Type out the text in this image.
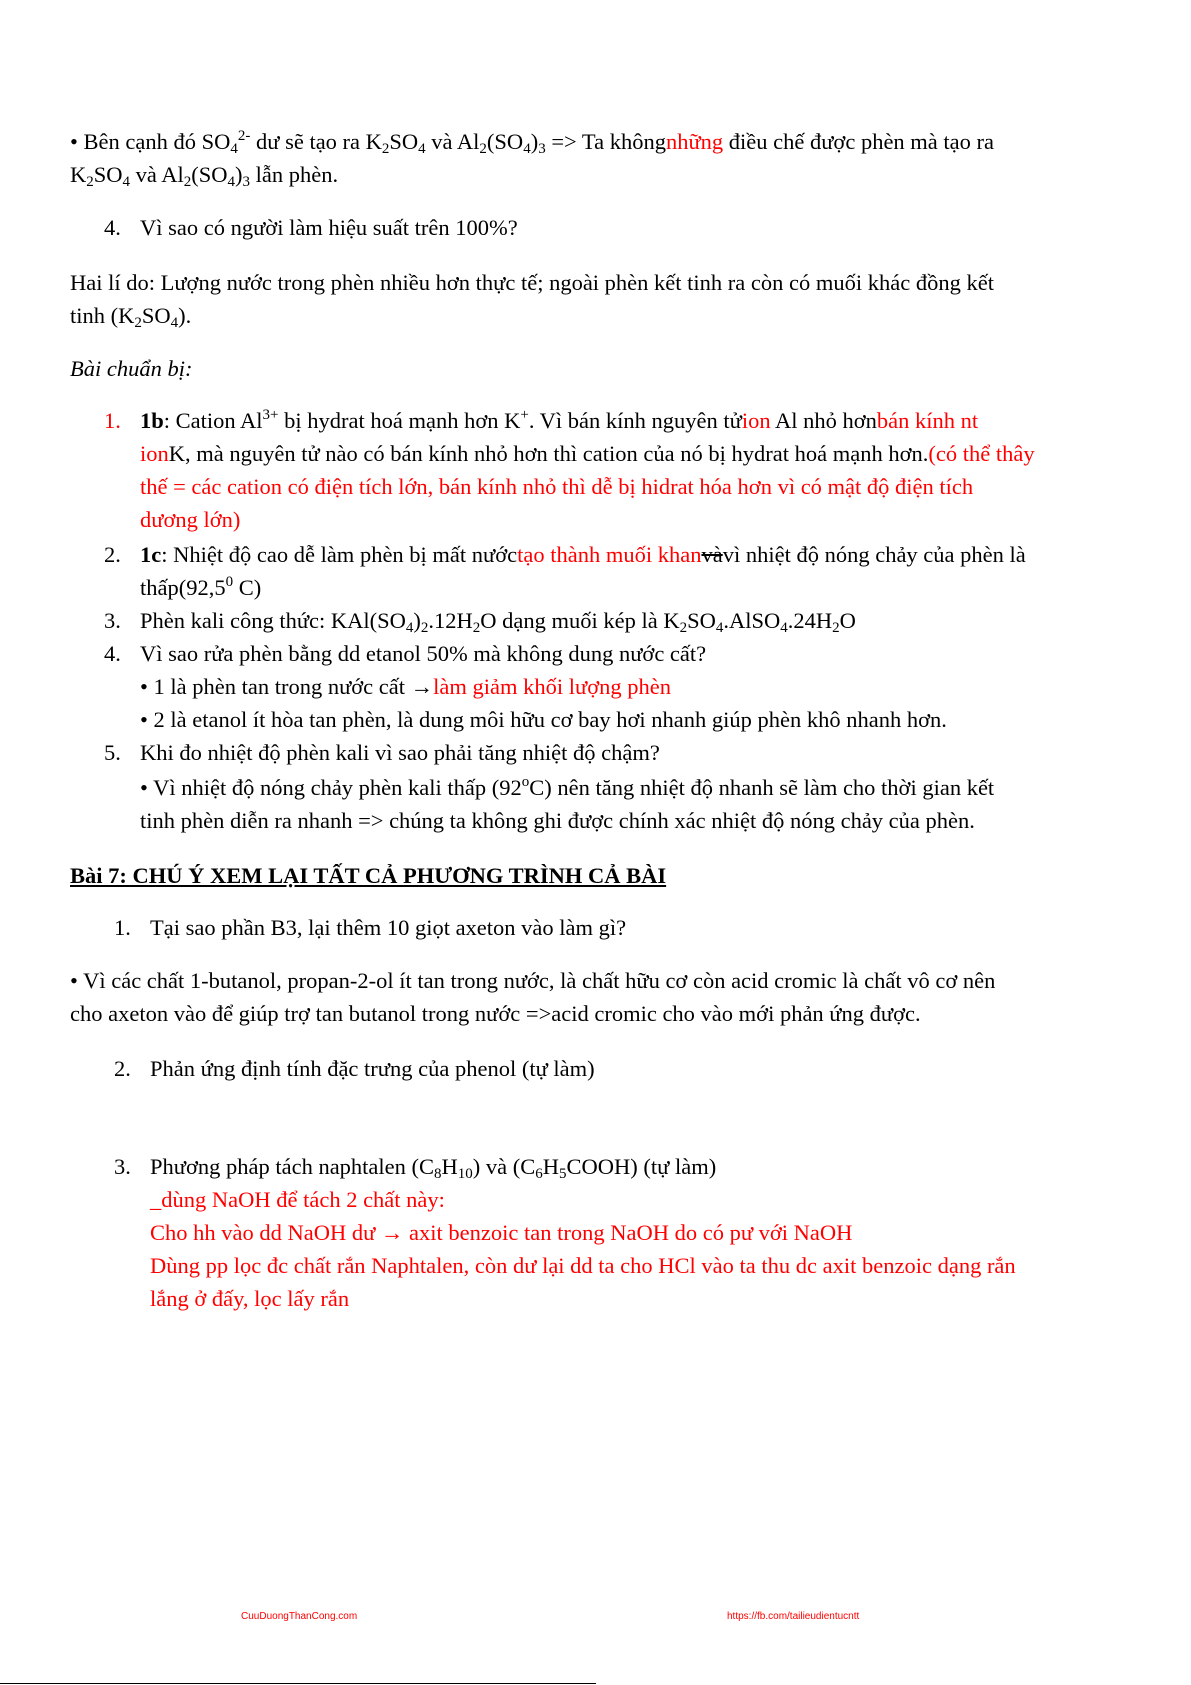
• Bên cạnh đó $SO_4^{2-}$ dư sẽ tạo ra $K_2SO_4$ và $Al_2(SO_4)_3 => Ta$ khôngnhững điều chế được phèn mà tạo ra

$K_2SO_4$ và $Al_2(SO_4)_3$ lẫn phèn.

4. Vì sao có người làm hiệu suất trên 100%?

Hai lí do: Lượng nước trong phèn nhiều hơn thực tế; ngoài phèn kết tinh ra còn có muối khác đồng kết

tinh $(K_2SO_4)$.

Bài chuẩn bị:

1. 1b: Cation $Al^{3+}$ bị hydrat hoá mạnh hơn K+. Vì bán kính nguyên tửion Al nhỏ hơnbán kính nt

ionK, mà nguyên tử nào có bán kính nhỏ hơn thì cation của nó bị hydrat hoá mạnh hơn.(có thể thây

thế = các cation có điện tích lớn, bán kính nhỏ thì dễ bị hidrat hóa hơn vì có mật độ điện tích

dương lớn)

2. 1c: Nhiệt độ cao dễ làm phèn bị mất nướctạo thành muối khanvàvì nhiệt độ nóng chảy của phèn là

thấp(92,5$^0$ C)

3. Phèn kali công thức: $KAl(SO_4)_2.12H_2O$ dạng muối kép là $K_2SO_4.AlSO_4.24H_2O$

4. Vì sao rửa phèn bằng dd etanol 50% mà không dung nước cất?

• 1 là phèn tan trong nước cất →làm giảm khối lượng phèn

• 2 là etanol ít hòa tan phèn, là dung môi hữu cơ bay hơi nhanh giúp phèn khô nhanh hơn.

5. Khi đo nhiệt độ phèn kali vì sao phải tăng nhiệt độ chậm?

• Vì nhiệt độ nóng chảy phèn kali thấp (92$^o$C) nên tăng nhiệt độ nhanh sẽ làm cho thời gian kết

tinh phèn diễn ra nhanh => chúng ta không ghi được chính xác nhiệt độ nóng chảy của phèn.

Bài 7: CHÚ Ý XEM LẠI TẤT CẢ PHƯƠNG TRÌNH CẢ BÀI

1. Tại sao phần B3, lại thêm 10 giọt axeton vào làm gì?

• Vì các chất 1-butanol, propan-2-ol ít tan trong nước, là chất hữu cơ còn acid cromic là chất vô cơ nên

cho axeton vào để giúp trợ tan butanol trong nước =>acid cromic cho vào mới phản ứng được.

2. Phản ứng định tính đặc trưng của phenol (tự làm)

3. Phương pháp tách naphtalen $(C_8H_{10})$ và $(C_6H_5COOH)$ (tự làm)

_dùng NaOH để tách 2 chất này:

Cho hh vào dd NaOH dư → axit benzoic tan trong NaOH do có pư với NaOH

Dùng pp lọc đc chất rắn Naphtalen, còn dư lại dd ta cho HCl vào ta thu dc axit benzoic dạng rắn

lắng ở đấy, lọc lấy rắn

CuuDuongThanCong.com	https://fb.com/tailieudientucntt
